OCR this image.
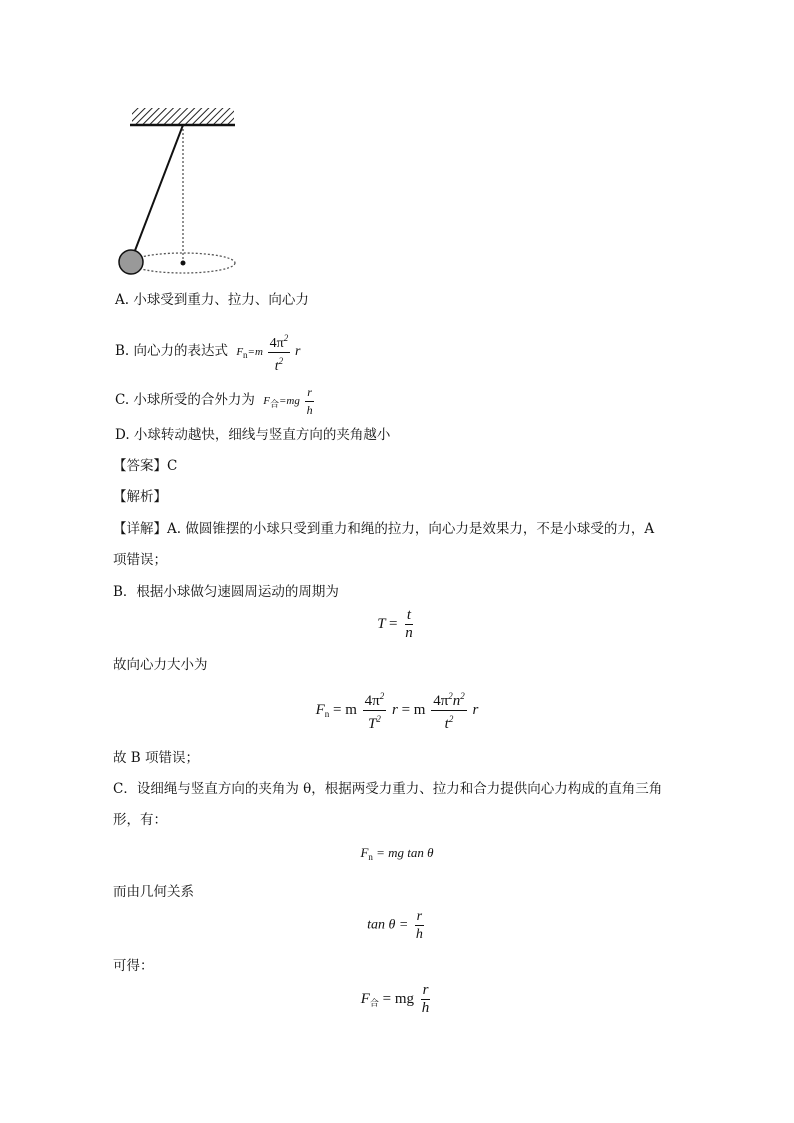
A. 小球受到重力、拉力、向心力
B. 向心力的表达式 $F_n=m \frac{4\pi^2}{t^2}$ r
C. 小球所受的合外力为 $F_合=mg \frac{r}{h}$
D. 小球转动越快，细线与竖直方向的夹角越小
【答案】C
【解析】
【详解】A. 做圆锥摆的小球只受到重力和绳的拉力，向心力是效果力，不是小球受的力，A
项错误；
B．根据小球做匀速圆周运动的周期为
$T = \frac{t}{n}$
故向心力大小为
$F_n = m \frac{4\pi^2}{T^2}$ r = m $\frac{4\pi^2n^2}{t^2}$ r
故 B 项错误；
C．设细绳与竖直方向的夹角为 θ，根据两受力重力、拉力和合力提供向心力构成的直角三角
形，有：
$F_n$ = mg tan θ
而由几何关系
$\tan \theta = \frac{r}{h}$
可得：
$F_合$ = mg $\frac{r}{h}$
